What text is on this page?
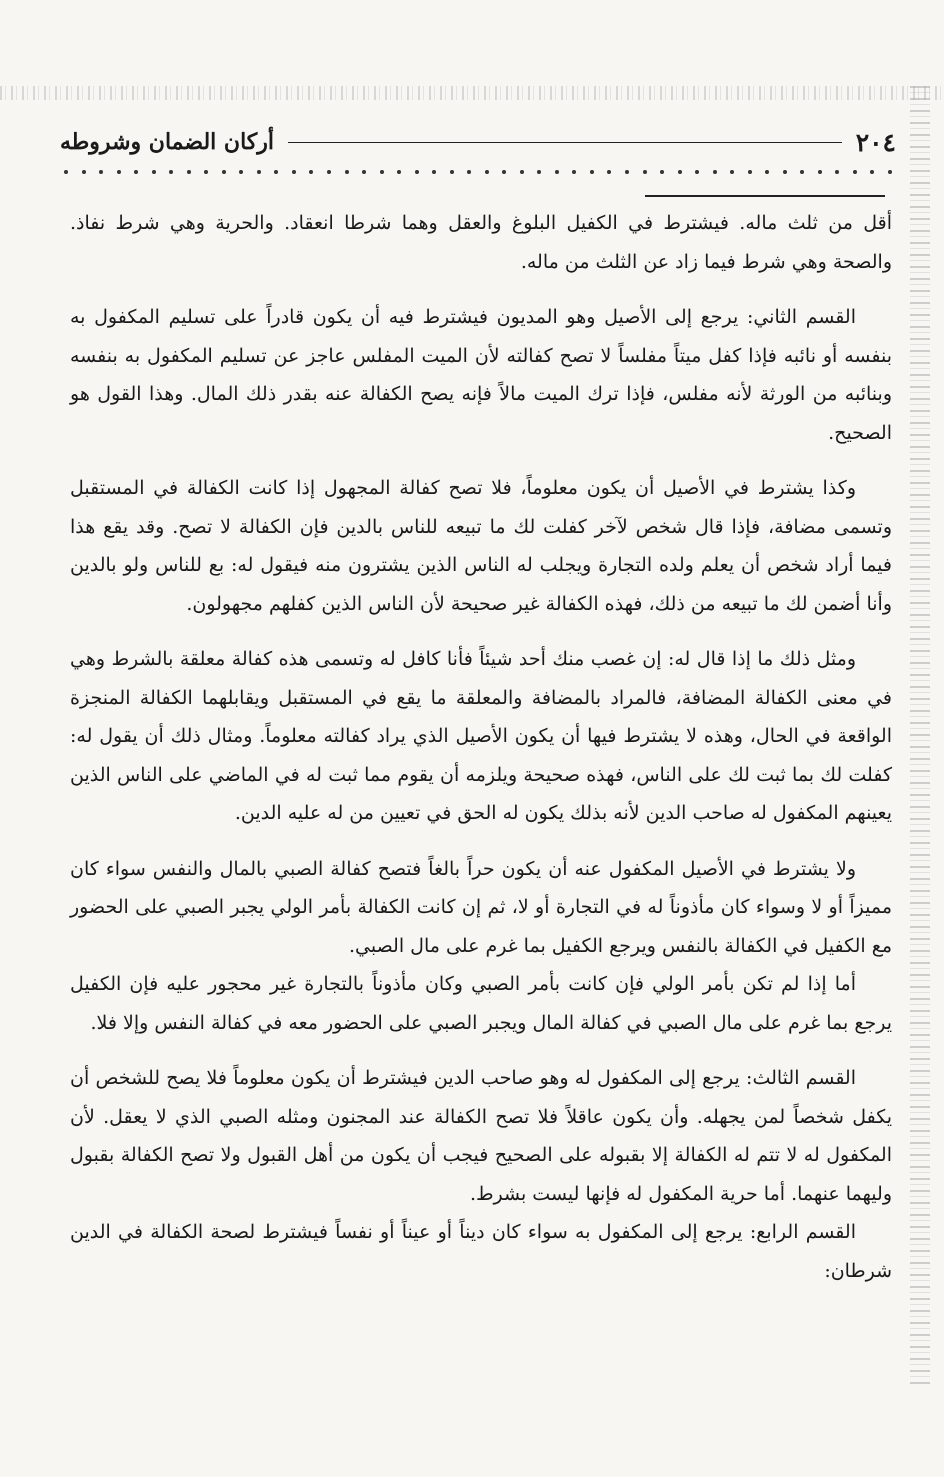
٢٠٤
أركان الضمان وشروطه

أقل من ثلث ماله. فيشترط في الكفيل البلوغ والعقل وهما شرطا انعقاد. والحرية وهي شرط نفاذ. والصحة وهي شرط فيما زاد عن الثلث من ماله.

القسم الثاني: يرجع إلى الأصيل وهو المديون فيشترط فيه أن يكون قادراً على تسليم المكفول به بنفسه أو نائبه فإذا كفل ميتاً مفلساً لا تصح كفالته لأن الميت المفلس عاجز عن تسليم المكفول به بنفسه وبنائبه من الورثة لأنه مفلس، فإذا ترك الميت مالاً فإنه يصح الكفالة عنه بقدر ذلك المال. وهذا القول هو الصحيح.

وكذا يشترط في الأصيل أن يكون معلوماً، فلا تصح كفالة المجهول إذا كانت الكفالة في المستقبل وتسمى مضافة، فإذا قال شخص لآخر كفلت لك ما تبيعه للناس بالدين فإن الكفالة لا تصح. وقد يقع هذا فيما أراد شخص أن يعلم ولده التجارة ويجلب له الناس الذين يشترون منه فيقول له: بع للناس ولو بالدين وأنا أضمن لك ما تبيعه من ذلك، فهذه الكفالة غير صحيحة لأن الناس الذين كفلهم مجهولون.

ومثل ذلك ما إذا قال له: إن غصب منك أحد شيئاً فأنا كافل له وتسمى هذه كفالة معلقة بالشرط وهي في معنى الكفالة المضافة، فالمراد بالمضافة والمعلقة ما يقع في المستقبل ويقابلهما الكفالة المنجزة الواقعة في الحال، وهذه لا يشترط فيها أن يكون الأصيل الذي يراد كفالته معلوماً. ومثال ذلك أن يقول له: كفلت لك بما ثبت لك على الناس، فهذه صحيحة ويلزمه أن يقوم مما ثبت له في الماضي على الناس الذين يعينهم المكفول له صاحب الدين لأنه بذلك يكون له الحق في تعيين من له عليه الدين.

ولا يشترط في الأصيل المكفول عنه أن يكون حراً بالغاً فتصح كفالة الصبي بالمال والنفس سواء كان مميزاً أو لا وسواء كان مأذوناً له في التجارة أو لا، ثم إن كانت الكفالة بأمر الولي يجبر الصبي على الحضور مع الكفيل في الكفالة بالنفس ويرجع الكفيل بما غرم على مال الصبي.

أما إذا لم تكن بأمر الولي فإن كانت بأمر الصبي وكان مأذوناً بالتجارة غير محجور عليه فإن الكفيل يرجع بما غرم على مال الصبي في كفالة المال ويجبر الصبي على الحضور معه في كفالة النفس وإلا فلا.

القسم الثالث: يرجع إلى المكفول له وهو صاحب الدين فيشترط أن يكون معلوماً فلا يصح للشخص أن يكفل شخصاً لمن يجهله. وأن يكون عاقلاً فلا تصح الكفالة عند المجنون ومثله الصبي الذي لا يعقل. لأن المكفول له لا تتم له الكفالة إلا بقبوله على الصحيح فيجب أن يكون من أهل القبول ولا تصح الكفالة بقبول وليهما عنهما. أما حرية المكفول له فإنها ليست بشرط.

القسم الرابع: يرجع إلى المكفول به سواء كان ديناً أو عيناً أو نفساً فيشترط لصحة الكفالة في الدين شرطان:
